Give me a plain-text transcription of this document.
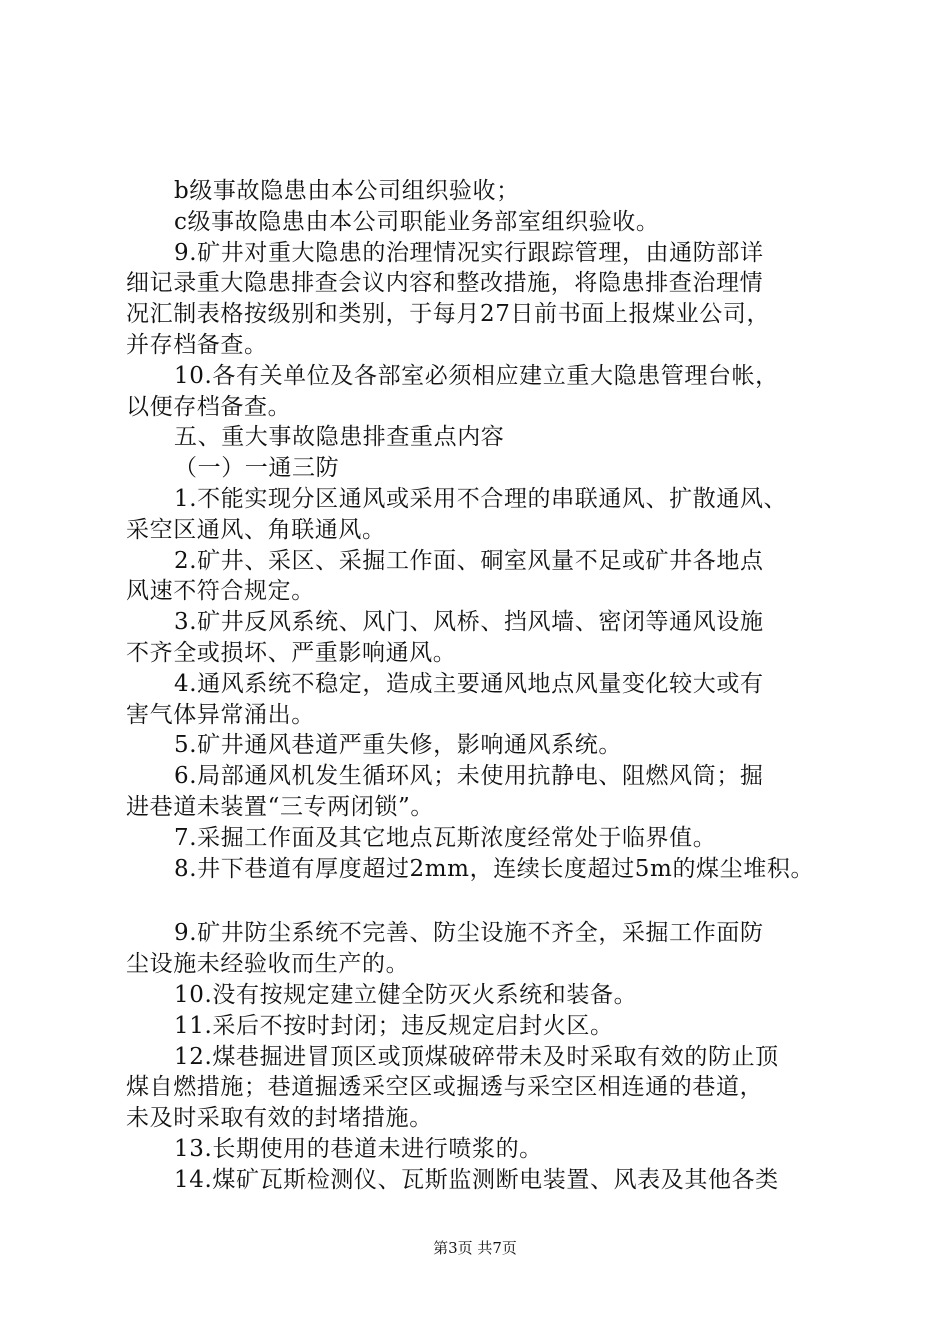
b级事故隐患由本公司组织验收；
c级事故隐患由本公司职能业务部室组织验收。
9.矿井对重大隐患的治理情况实行跟踪管理，由通防部详
细记录重大隐患排查会议内容和整改措施，将隐患排查治理情
况汇制表格按级别和类别，于每月27日前书面上报煤业公司，
并存档备查。
10.各有关单位及各部室必须相应建立重大隐患管理台帐，
以便存档备查。
五、重大事故隐患排查重点内容
（一）一通三防
1.不能实现分区通风或采用不合理的串联通风、扩散通风、
采空区通风、角联通风。
2.矿井、采区、采掘工作面、硐室风量不足或矿井各地点
风速不符合规定。
3.矿井反风系统、风门、风桥、挡风墙、密闭等通风设施
不齐全或损坏、严重影响通风。
4.通风系统不稳定，造成主要通风地点风量变化较大或有
害气体异常涌出。
5.矿井通风巷道严重失修，影响通风系统。
6.局部通风机发生循环风；未使用抗静电、阻燃风筒；掘
进巷道未装置“三专两闭锁”。
7.采掘工作面及其它地点瓦斯浓度经常处于临界值。
8.井下巷道有厚度超过2mm，连续长度超过5m的煤尘堆积。
9.矿井防尘系统不完善、防尘设施不齐全，采掘工作面防
尘设施未经验收而生产的。
10.没有按规定建立健全防灭火系统和装备。
11.采后不按时封闭；违反规定启封火区。
12.煤巷掘进冒顶区或顶煤破碎带未及时采取有效的防止顶
煤自燃措施；巷道掘透采空区或掘透与采空区相连通的巷道，
未及时采取有效的封堵措施。
13.长期使用的巷道未进行喷浆的。
14.煤矿瓦斯检测仪、瓦斯监测断电装置、风表及其他各类
第3页 共7页
